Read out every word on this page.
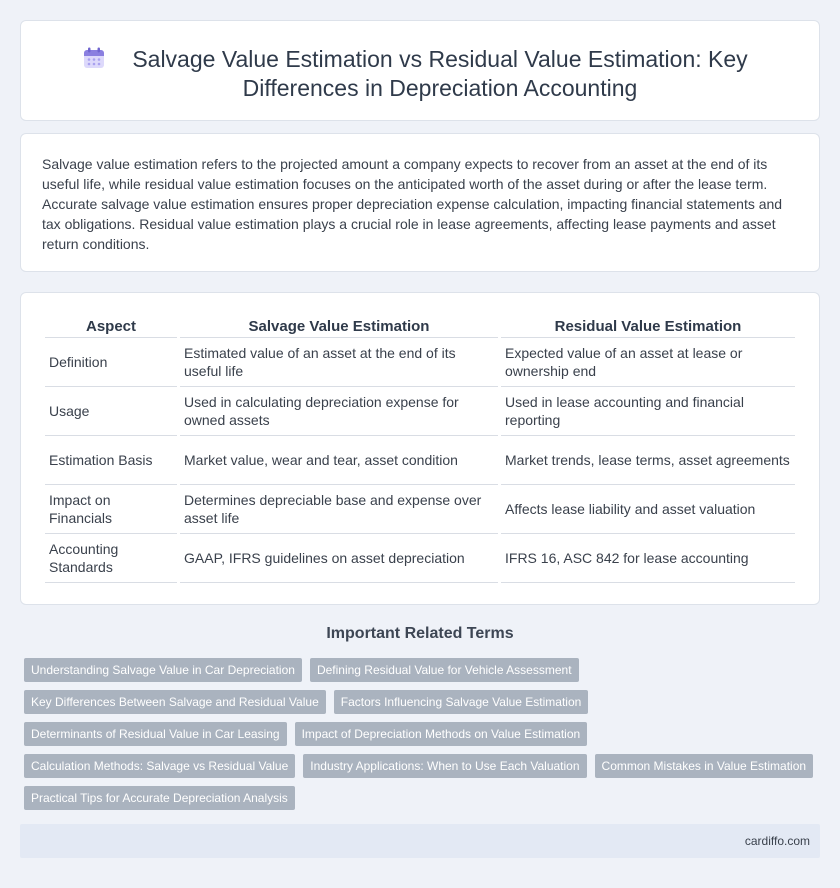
Salvage Value Estimation vs Residual Value Estimation: Key Differences in Depreciation Accounting

Salvage value estimation refers to the projected amount a company expects to recover from an asset at the end of its useful life, while residual value estimation focuses on the anticipated worth of the asset during or after the lease term. Accurate salvage value estimation ensures proper depreciation expense calculation, impacting financial statements and tax obligations. Residual value estimation plays a crucial role in lease agreements, affecting lease payments and asset return conditions.

Aspect	Salvage Value Estimation	Residual Value Estimation
Definition	Estimated value of an asset at the end of its useful life	Expected value of an asset at lease or ownership end
Usage	Used in calculating depreciation expense for owned assets	Used in lease accounting and financial reporting
Estimation Basis	Market value, wear and tear, asset condition	Market trends, lease terms, asset agreements
Impact on Financials	Determines depreciable base and expense over asset life	Affects lease liability and asset valuation
Accounting Standards	GAAP, IFRS guidelines on asset depreciation	IFRS 16, ASC 842 for lease accounting
Important Related Terms
Understanding Salvage Value in Car Depreciation	Defining Residual Value for Vehicle Assessment
Key Differences Between Salvage and Residual Value	Factors Influencing Salvage Value Estimation
Determinants of Residual Value in Car Leasing	Impact of Depreciation Methods on Value Estimation
Calculation Methods: Salvage vs Residual Value	Industry Applications: When to Use Each Valuation	Common Mistakes in Value Estimation
Practical Tips for Accurate Depreciation Analysis
cardiffo.com
